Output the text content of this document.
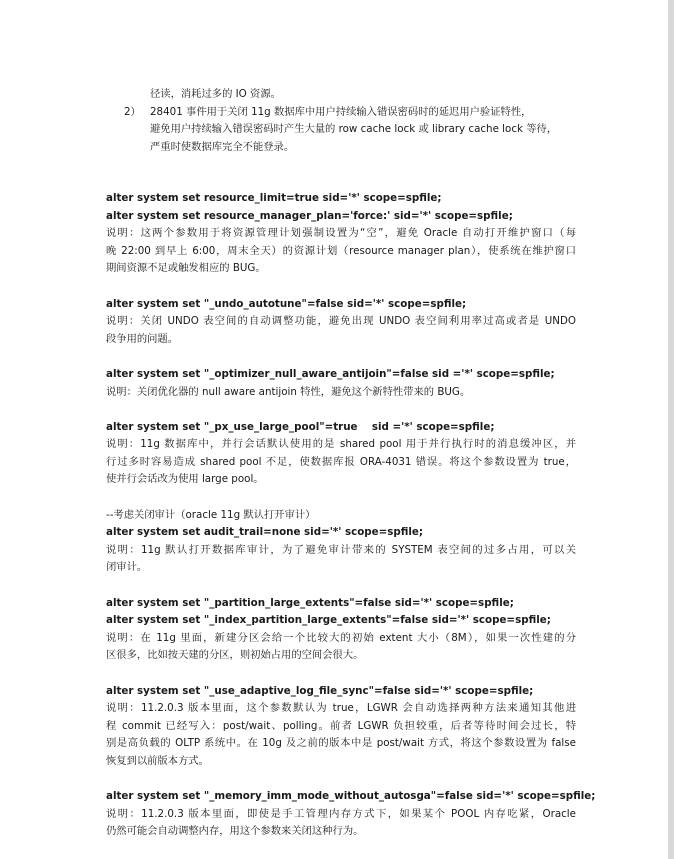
径读，消耗过多的 IO 资源。
2） 28401 事件用于关闭 11g 数据库中用户持续输入错误密码时的延迟用户验证特性，
避免用户持续输入错误密码时产生大量的 row cache lock 或 library cache lock 等待，
严重时使数据库完全不能登录。
alter system set resource_limit=true sid='*' scope=spfile;
alter system set resource_manager_plan='force:' sid='*' scope=spfile;
说明：这两个参数用于将资源管理计划强制设置为“空”，避免 Oracle 自动打开维护窗口（每
晚 22:00 到早上 6:00，周末全天）的资源计划（resource manager plan），使系统在维护窗口
期间资源不足或触发相应的 BUG。
alter system set "_undo_autotune"=false sid='*' scope=spfile;
说明：关闭 UNDO 表空间的自动调整功能，避免出现 UNDO 表空间利用率过高或者是 UNDO
段争用的问题。
alter system set "_optimizer_null_aware_antijoin"=false sid ='*' scope=spfile;
说明：关闭优化器的 null aware antijoin 特性，避免这个新特性带来的 BUG。
alter system set "_px_use_large_pool"=true    sid ='*' scope=spfile;
说明：11g 数据库中，并行会话默认使用的是 shared pool 用于并行执行时的消息缓冲区，并
行过多时容易造成 shared pool 不足，使数据库报 ORA-4031 错误。将这个参数设置为 true，
使并行会话改为使用 large pool。
--考虑关闭审计（oracle 11g 默认打开审计）
alter system set audit_trail=none sid='*' scope=spfile;
说明：11g 默认打开数据库审计，为了避免审计带来的 SYSTEM 表空间的过多占用，可以关
闭审计。
alter system set "_partition_large_extents"=false sid='*' scope=spfile;
alter system set "_index_partition_large_extents"=false sid='*' scope=spfile;
说明：在 11g 里面，新建分区会给一个比较大的初始 extent 大小（8M），如果一次性建的分
区很多，比如按天建的分区，则初始占用的空间会很大。
alter system set "_use_adaptive_log_file_sync"=false sid='*' scope=spfile;
说明：11.2.0.3 版本里面，这个参数默认为 true，LGWR 会自动选择两种方法来通知其他进
程 commit 已经写入：post/wait、polling。前者 LGWR 负担较重，后者等待时间会过长，特
别是高负载的 OLTP 系统中。在 10g 及之前的版本中是 post/wait 方式，将这个参数设置为 false
恢复到以前版本方式。
alter system set "_memory_imm_mode_without_autosga"=false sid='*' scope=spfile;
说明：11.2.0.3 版本里面，即使是手工管理内存方式下，如果某个 POOL 内存吃紧，Oracle
仍然可能会自动调整内存，用这个参数来关闭这种行为。
